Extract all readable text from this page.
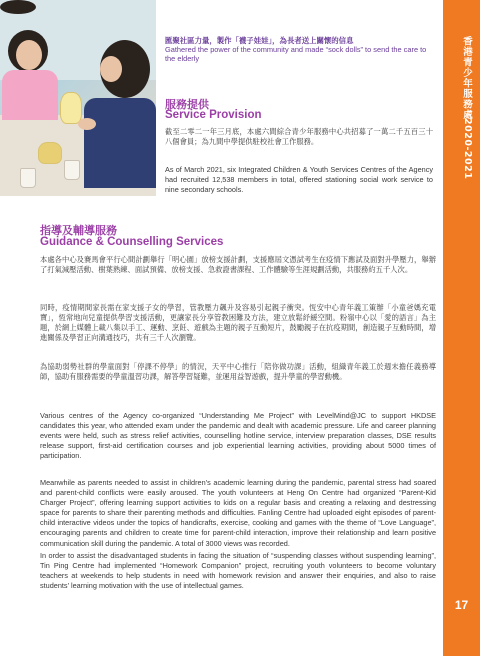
香港青少年服務處
2020-2021
17
匯聚社區力量，製作「襪子娃娃」，為長者送上關懷的信息
Gathered the power of the community and made “sock dolls” to send the care to the elderly
服務提供
Service Provision
截至二零二一年三月底，本處六間綜合青少年服務中心共招募了一萬二千五百三十八個會員；為九間中學提供駐校社會工作服務。
As of March 2021, six Integrated Children & Youth Services Centres of the Agency had recruited 12,538 members in total, offered stationing social work service to nine secondary schools.
指導及輔導服務
Guidance & Counselling Services
本處各中心及賽馬會平行心間計劃舉行「明心園」放榜支援計劃，支援應屆文憑試考生在疫情下應試及面對升學壓力，舉辦了打氣減壓活動、樹葉熟練、面試預備、放榜支援、急救證書課程、工作體驗等生涯規劃活動，共服務約五千人次。
同時，疫情期間家長需在家支援子女的學習，管教壓力飆升及容易引起親子衝突。恆安中心青年義工策辦「小童爸媽充電寶」，恆常地向兒童提供學習支援活動，更讓家長分享管教困難及方法，建立放鬆紓緩空間。粉嶺中心以「愛的語言」為主題，於網上媒體上載八集以手工、運動、烹飪、遊戲為主題的親子互動短片，鼓勵親子在抗疫期間，創造親子互動時間，增進關係及學習正向溝通技巧，共有三千人次瀏覽。
為協助弱勢社群的學童面對「停課不停學」的情況，天平中心推行「陪你做功課」活動，組織青年義工於週末擔任義務導師，協助有服務需要的學童溫習功課，解答學習疑難，並運用益智遊戲，提升學童的學習動機。
Various centres of the Agency co-organized “Understanding Me Project” with LevelMind@JC to support HKDSE candidates this year, who attended exam under the pandemic and dealt with academic pressure. Life and career planning events were held, such as stress relief activities, counselling hotline service, interview preparation classes, DSE results release support, first-aid certification courses and job experiential learning activities, providing about 5000 times of participation.
Meanwhile as parents needed to assist in children’s academic learning during the pandemic, parental stress had soared and parent-child conflicts were easily aroused. The youth volunteers at Heng On Centre had organized “Parent-Kid Charger Project”, offering learning support activities to kids on a regular basis and creating a relaxing and destressing space for parents to share their parenting methods and difficulties. Fanling Centre had uploaded eight episodes of parent-child interactive videos under the topics of handicrafts, exercise, cooking and games with the theme of “Love Language”, encouraging parents and children to create time for parent-child interaction, improve their relationship and learn positive communication skill during the pandemic. A total of 3000 views was recorded.
In order to assist the disadvantaged students in facing the situation of “suspending classes without suspending learning”, Tin Ping Centre had implemented “Homework Companion” project, recruiting youth volunteers to become voluntary teachers at weekends to help students in need with homework revision and answer their enquiries, and also to raise students’ learning motivation with the use of intellectual games.
